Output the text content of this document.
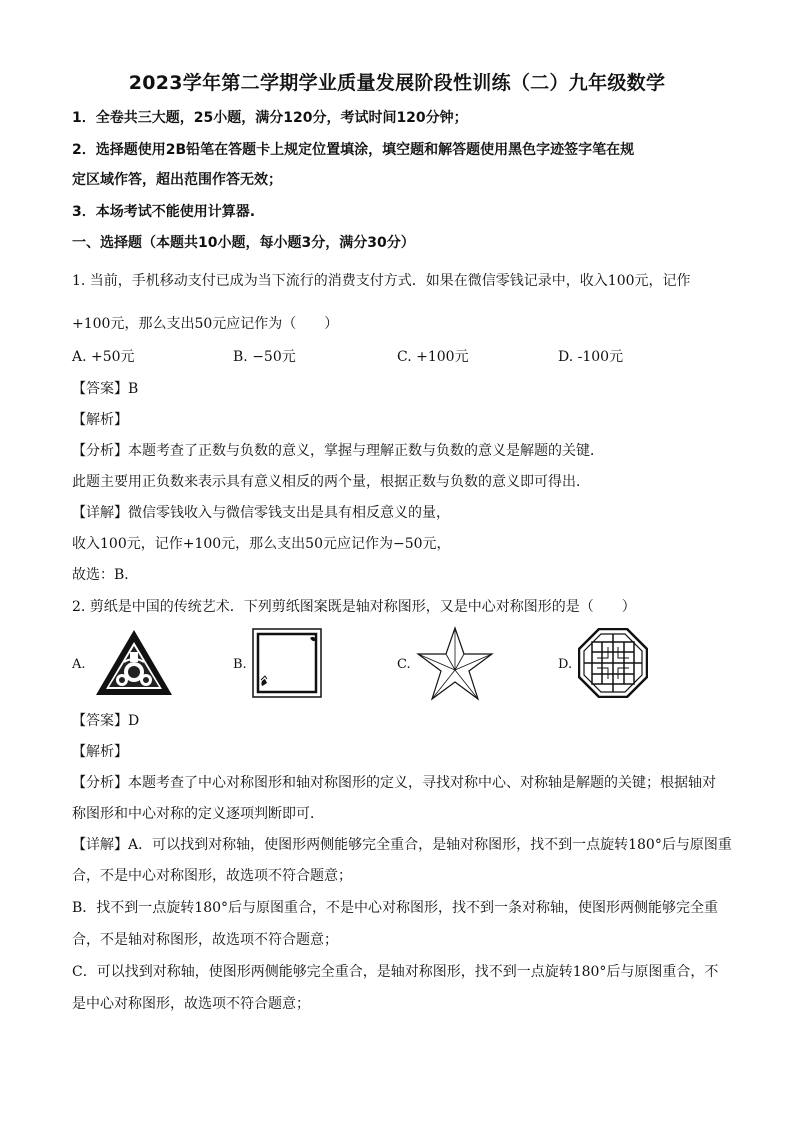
2023学年第二学期学业质量发展阶段性训练（二）九年级数学
1．全卷共三大题，25小题，满分120分，考试时间120分钟；
2．选择题使用2B铅笔在答题卡上规定位置填涂，填空题和解答题使用黑色字迹签字笔在规
定区域作答，超出范围作答无效；
3．本场考试不能使用计算器.
一、选择题（本题共10小题，每小题3分，满分30分）
1. 当前，手机移动支付已成为当下流行的消费支付方式．如果在微信零钱记录中，收入100元，记作
+100元，那么支出50元应记作为（　　）
A. +50元	B. −50元	C. +100元	D. -100元
【答案】B
【解析】
【分析】本题考查了正数与负数的意义，掌握与理解正数与负数的意义是解题的关键．
此题主要用正负数来表示具有意义相反的两个量，根据正数与负数的意义即可得出．
【详解】微信零钱收入与微信零钱支出是具有相反意义的量，
收入100元，记作+100元，那么支出50元应记作为−50元，
故选：B．
2. 剪纸是中国的传统艺术．下列剪纸图案既是轴对称图形，又是中心对称图形的是（　　）
A.	B.	C.	D.
【答案】D
【解析】
【分析】本题考查了中心对称图形和轴对称图形的定义，寻找对称中心、对称轴是解题的关键；根据轴对
称图形和中心对称的定义逐项判断即可．
【详解】A．可以找到对称轴，使图形两侧能够完全重合，是轴对称图形，找不到一点旋转180°后与原图重
合，不是中心对称图形，故选项不符合题意；
B．找不到一点旋转180°后与原图重合，不是中心对称图形，找不到一条对称轴，使图形两侧能够完全重
合，不是轴对称图形，故选项不符合题意；
C．可以找到对称轴，使图形两侧能够完全重合，是轴对称图形，找不到一点旋转180°后与原图重合，不
是中心对称图形，故选项不符合题意；
